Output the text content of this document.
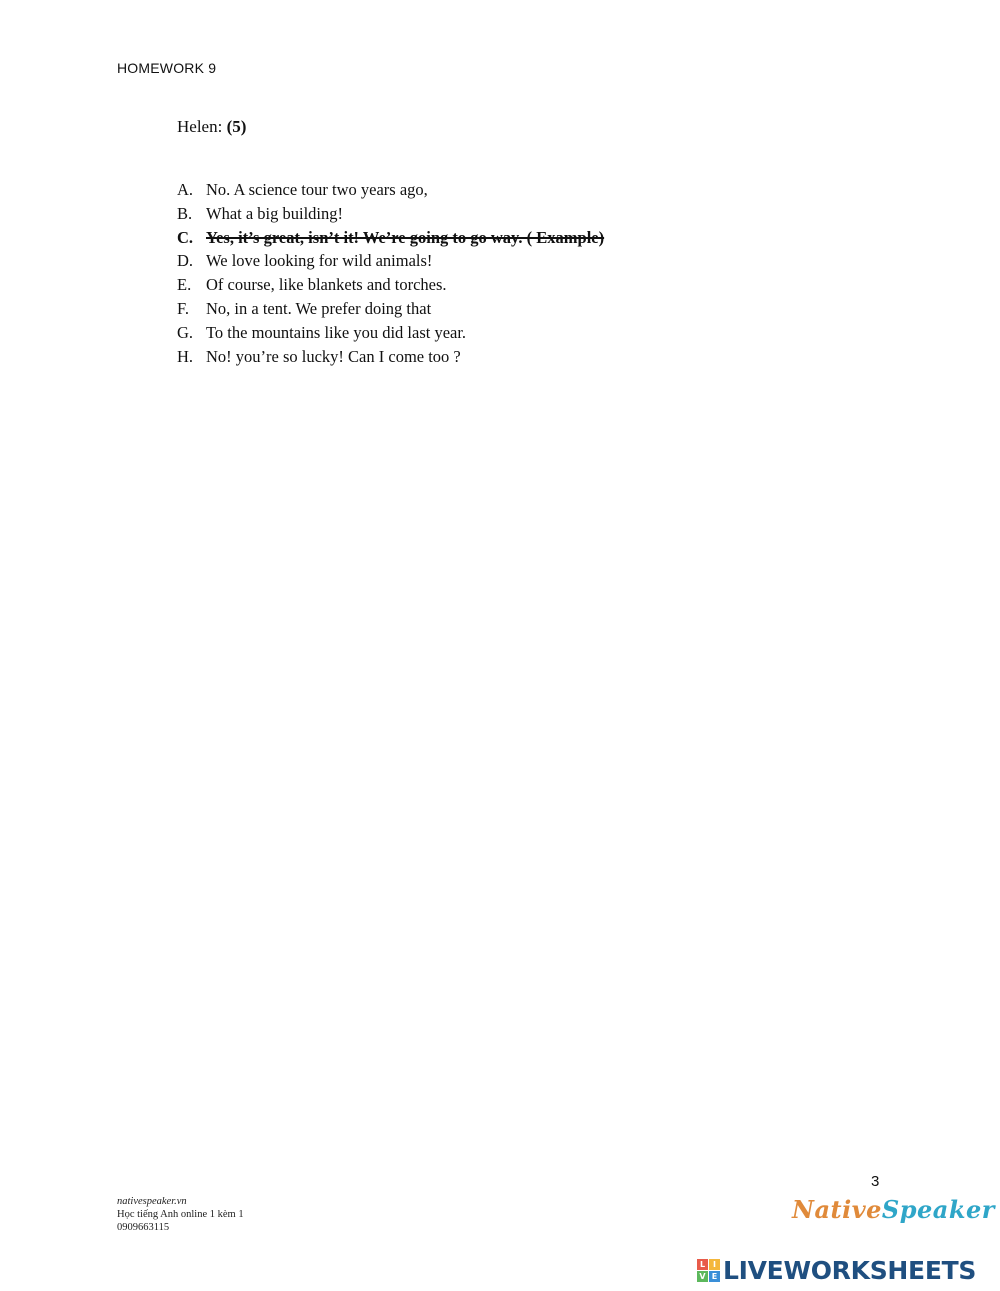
HOMEWORK 9
Helen: (5)
A. No. A science tour two years ago,
B. What a big building!
C. Yes, it’s great, isn’t it! We’re going to go way. ( Example)
D. We love looking for wild animals!
E. Of course, like blankets and torches.
F. No, in a tent. We prefer doing that
G. To the mountains like you did last year.
H. No! you’re so lucky! Can I come too ?
3
nativespeaker.vn
Học tiếng Anh online 1 kèm 1
0909663115
NativeSpeaker
L I
V E LIVEWORKSHEETS
